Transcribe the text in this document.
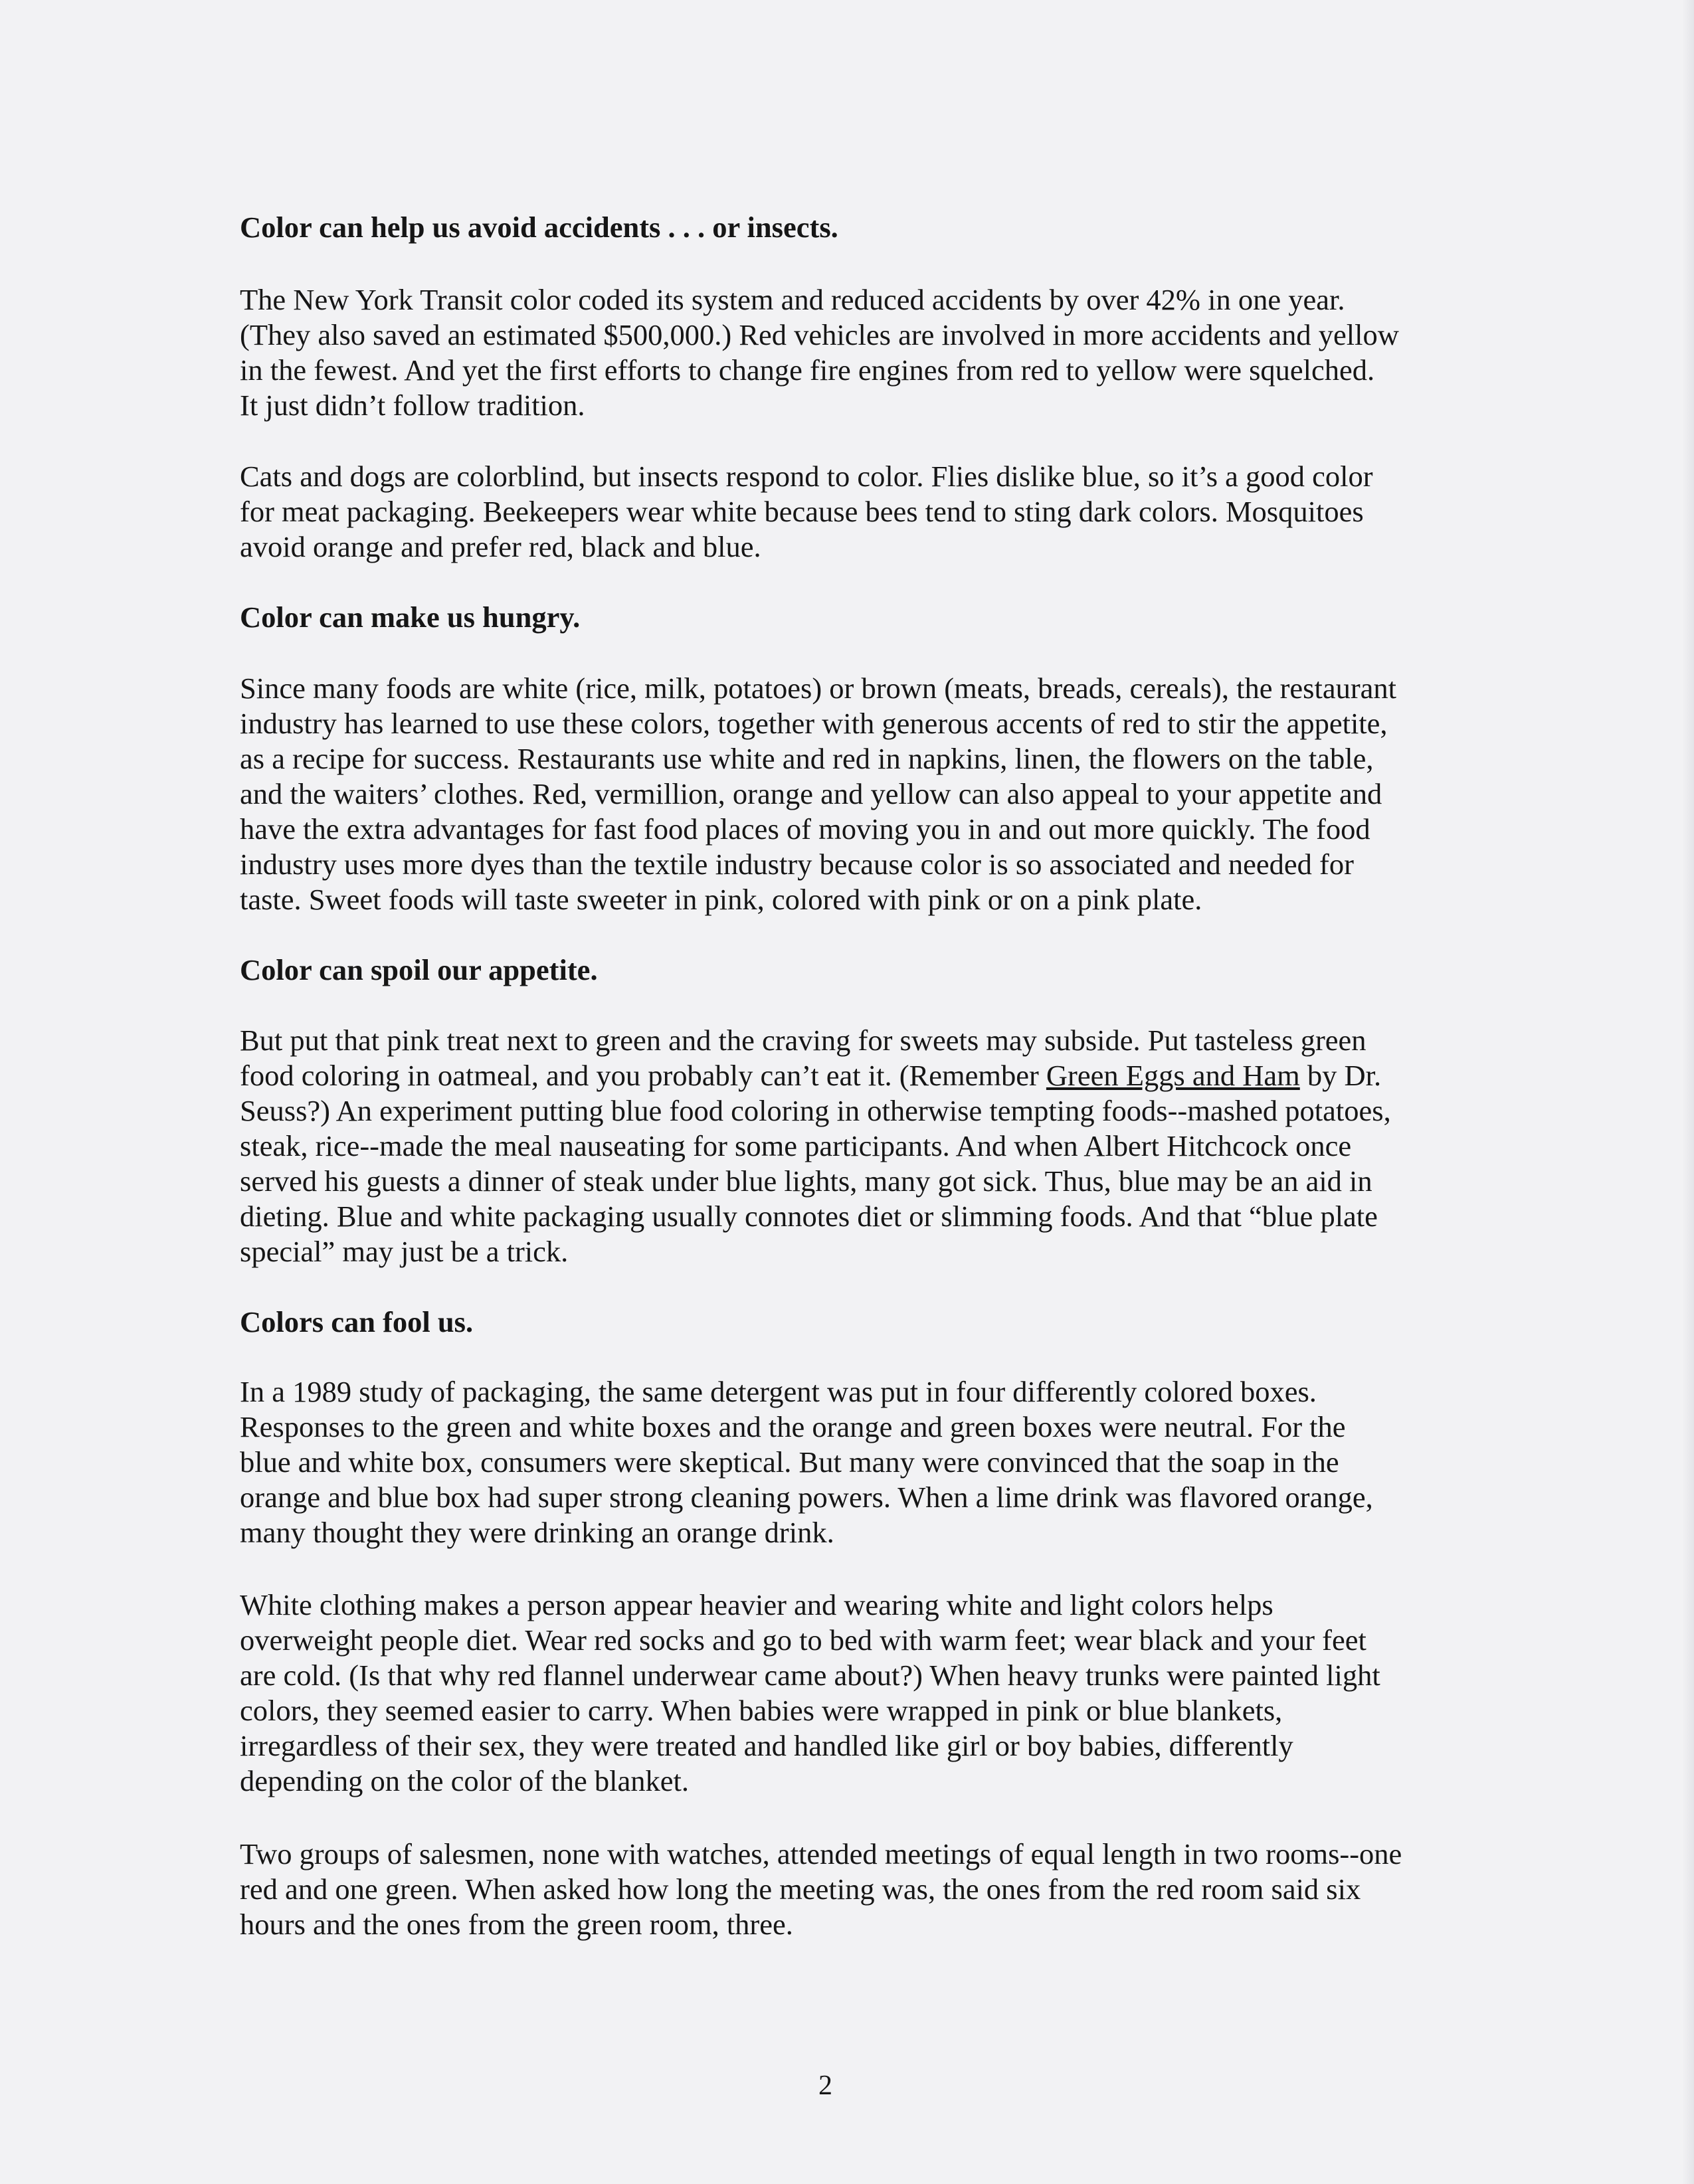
Color can help us avoid accidents . . . or insects.
The New York Transit color coded its system and reduced accidents by over 42% in one year.
(They also saved an estimated $500,000.) Red vehicles are involved in more accidents and yellow
in the fewest. And yet the first efforts to change fire engines from red to yellow were squelched.
It just didn’t follow tradition.
Cats and dogs are colorblind, but insects respond to color. Flies dislike blue, so it’s a good color
for meat packaging. Beekeepers wear white because bees tend to sting dark colors. Mosquitoes
avoid orange and prefer red, black and blue.
Color can make us hungry.
Since many foods are white (rice, milk, potatoes) or brown (meats, breads, cereals), the restaurant
industry has learned to use these colors, together with generous accents of red to stir the appetite,
as a recipe for success. Restaurants use white and red in napkins, linen, the flowers on the table,
and the waiters’ clothes. Red, vermillion, orange and yellow can also appeal to your appetite and
have the extra advantages for fast food places of moving you in and out more quickly. The food
industry uses more dyes than the textile industry because color is so associated and needed for
taste. Sweet foods will taste sweeter in pink, colored with pink or on a pink plate.
Color can spoil our appetite.
But put that pink treat next to green and the craving for sweets may subside. Put tasteless green
food coloring in oatmeal, and you probably can’t eat it. (Remember Green Eggs and Ham by Dr.
Seuss?) An experiment putting blue food coloring in otherwise tempting foods--mashed potatoes,
steak, rice--made the meal nauseating for some participants. And when Albert Hitchcock once
served his guests a dinner of steak under blue lights, many got sick. Thus, blue may be an aid in
dieting. Blue and white packaging usually connotes diet or slimming foods. And that “blue plate
special” may just be a trick.
Colors can fool us.
In a 1989 study of packaging, the same detergent was put in four differently colored boxes.
Responses to the green and white boxes and the orange and green boxes were neutral. For the
blue and white box, consumers were skeptical. But many were convinced that the soap in the
orange and blue box had super strong cleaning powers. When a lime drink was flavored orange,
many thought they were drinking an orange drink.
White clothing makes a person appear heavier and wearing white and light colors helps
overweight people diet. Wear red socks and go to bed with warm feet; wear black and your feet
are cold. (Is that why red flannel underwear came about?) When heavy trunks were painted light
colors, they seemed easier to carry. When babies were wrapped in pink or blue blankets,
irregardless of their sex, they were treated and handled like girl or boy babies, differently
depending on the color of the blanket.
Two groups of salesmen, none with watches, attended meetings of equal length in two rooms--one
red and one green. When asked how long the meeting was, the ones from the red room said six
hours and the ones from the green room, three.
2
